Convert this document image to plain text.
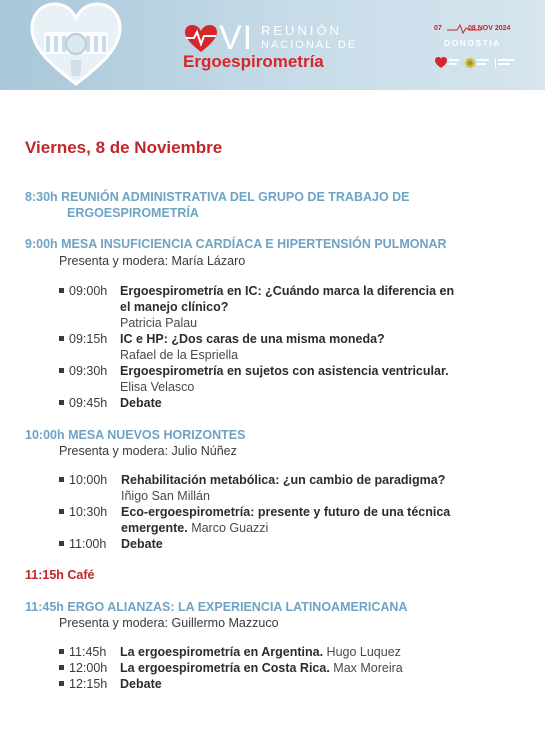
VI REUNIÓN
NACIONAL DE
Ergoespirometría
07	08 NOV 2024
DONOSTIA
Viernes, 8 de Noviembre
8:30h REUNIÓN ADMINISTRATIVA DEL GRUPO DE TRABAJO DE
ERGOESPIROMETRÍA
9:00h MESA INSUFICIENCIA CARDÍACA E HIPERTENSIÓN PULMONAR
Presenta y modera: María Lázaro
09:00h Ergoespirometría en IC: ¿Cuándo marca la diferencia en
el manejo clínico?
Patricia Palau
09:15h IC e HP: ¿Dos caras de una misma moneda?
Rafael de la Espriella
09:30h Ergoespirometría en sujetos con asistencia ventricular.
Elisa Velasco
09:45h Debate
10:00h MESA NUEVOS HORIZONTES
Presenta y modera: Julio Núñez
10:00h Rehabilitación metabólica: ¿un cambio de paradigma?
Iñigo San Millán
10:30h Eco-ergoespirometría: presente y futuro de una técnica
emergente. Marco Guazzi
11:00h Debate
11:15h Café
11:45h ERGO ALIANZAS: LA EXPERIENCIA LATINOAMERICANA
Presenta y modera: Guillermo Mazzuco
11:45h La ergoespirometría en Argentina. Hugo Luquez
12:00h La ergoespirometría en Costa Rica. Max Moreira
12:15h Debate
